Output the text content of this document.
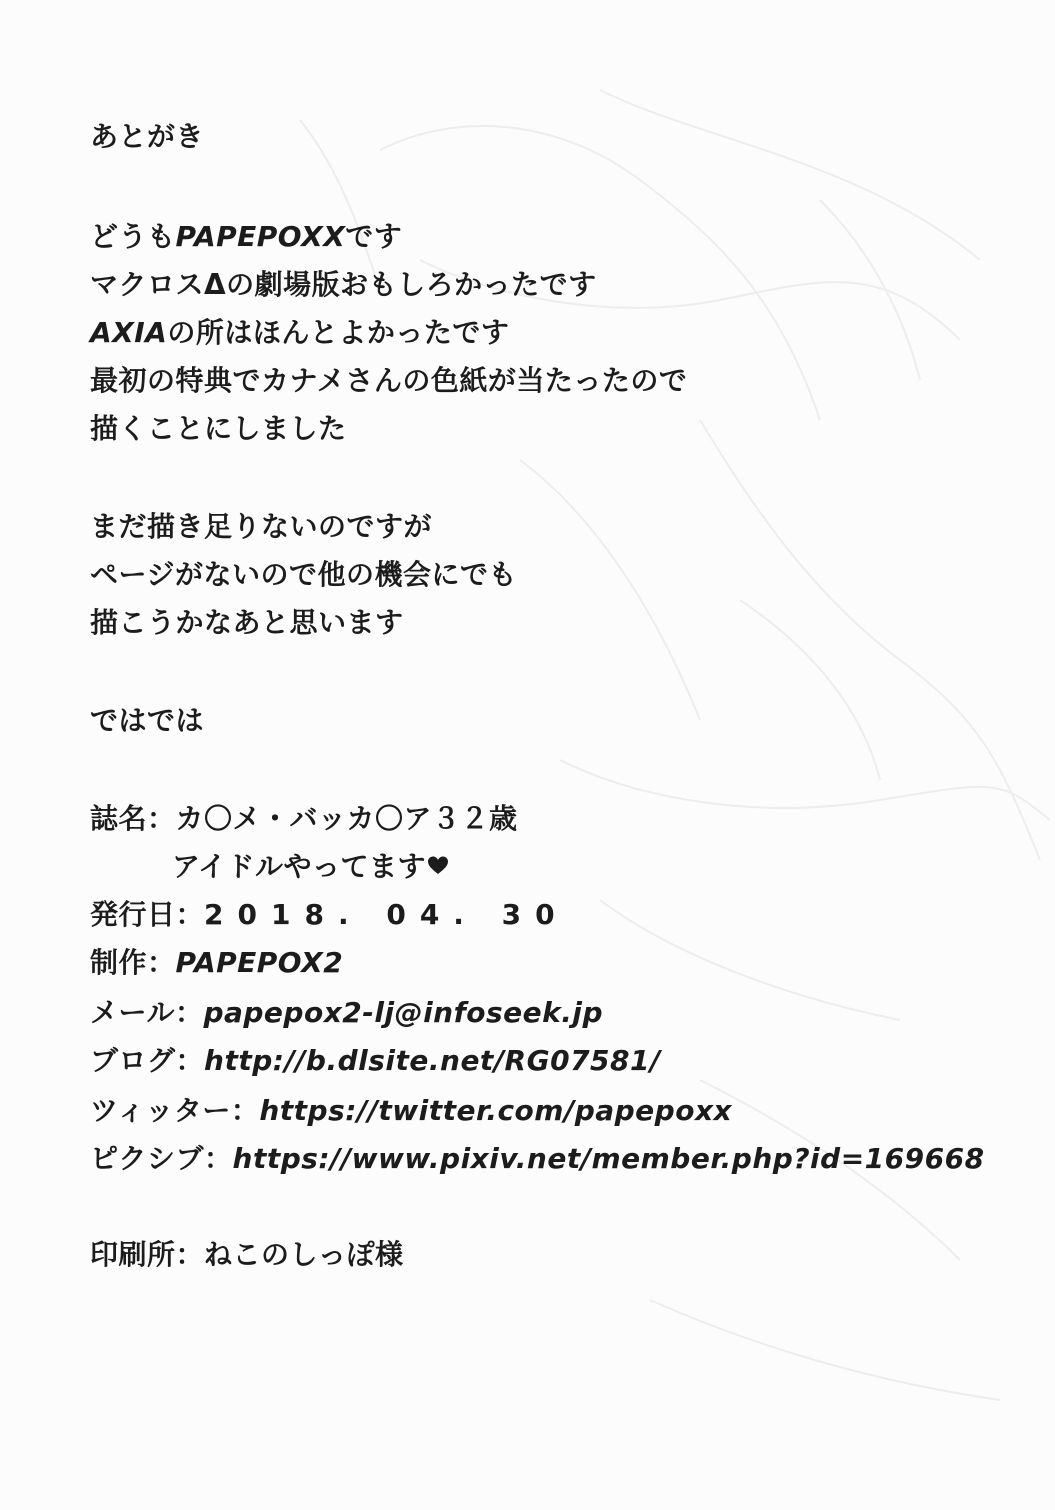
あとがき
どうもPAPEPOXXです
マクロスΔの劇場版おもしろかったです
AXIAの所はほんとよかったです
最初の特典でカナメさんの色紙が当たったので
描くことにしました
まだ描き足りないのですが
ページがないので他の機会にでも
描こうかなあと思います
ではでは
誌名：カ〇メ・バッカ〇ア３２歳
アイドルやってます
発行日：2018. 04. 30
制作：PAPEPOX2
メール：papepox2-lj@infoseek.jp
ブログ：http://b.dlsite.net/RG07581/
ツィッター：https://twitter.com/papepoxx
ピクシブ：https://www.pixiv.net/member.php?id=169668
印刷所：ねこのしっぽ様
